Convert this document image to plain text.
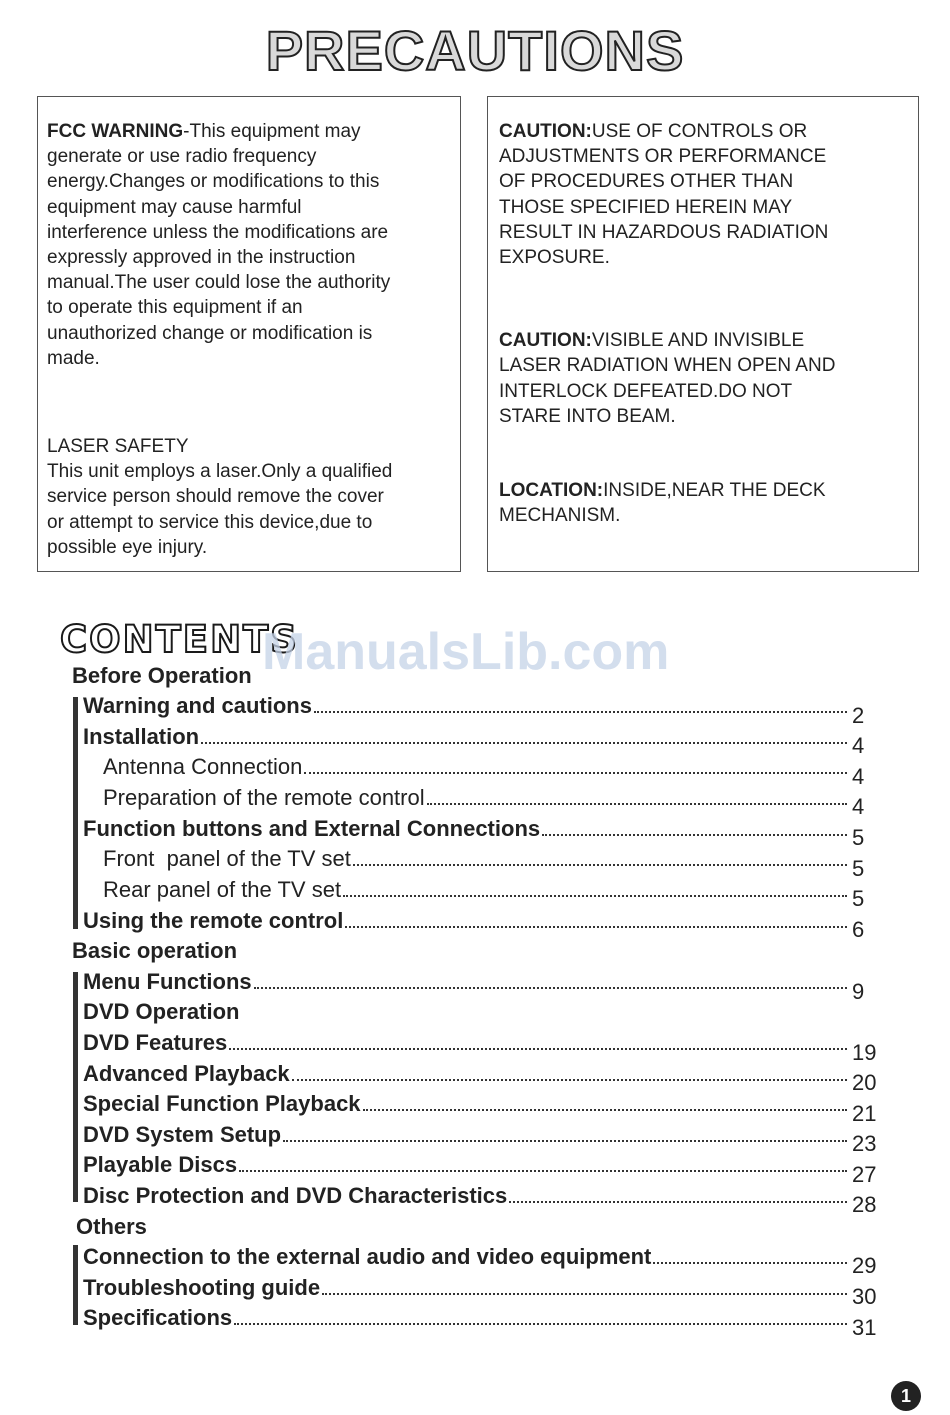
PRECAUTIONS
FCC WARNING-This equipment may
generate or use radio frequency
energy.Changes or modifications to this
equipment may cause harmful
interference unless the modifications are
expressly approved in the instruction
manual.The user could lose the authority
to operate this equipment if an
unauthorized change or modification is
made.
LASER SAFETY
This unit employs a laser.Only a qualified
service person should remove the cover
or attempt to service this device,due to
possible eye injury.
CAUTION:USE OF CONTROLS OR
ADJUSTMENTS OR PERFORMANCE
OF PROCEDURES OTHER THAN
THOSE SPECIFIED HEREIN MAY
RESULT IN HAZARDOUS RADIATION
EXPOSURE.
CAUTION:VISIBLE AND INVISIBLE
LASER RADIATION WHEN OPEN AND
INTERLOCK DEFEATED.DO NOT
STARE INTO BEAM.
LOCATION:INSIDE,NEAR THE DECK
MECHANISM.
CONTENTS
ManualsLib.com
Before Operation
Warning and cautions	2
Installation	4
Antenna Connection	4
Preparation of the remote control	4
Function buttons and External Connections	5
Front  panel of the TV set	5
Rear panel of the TV set	5
Using the remote control	6
Basic operation
Menu Functions	9
DVD Operation
DVD Features	19
Advanced Playback	20
Special Function Playback	21
DVD System Setup	23
Playable Discs	27
Disc Protection and DVD Characteristics	28
Others
Connection to the external audio and video equipment	29
Troubleshooting guide	30
Specifications	31
1
